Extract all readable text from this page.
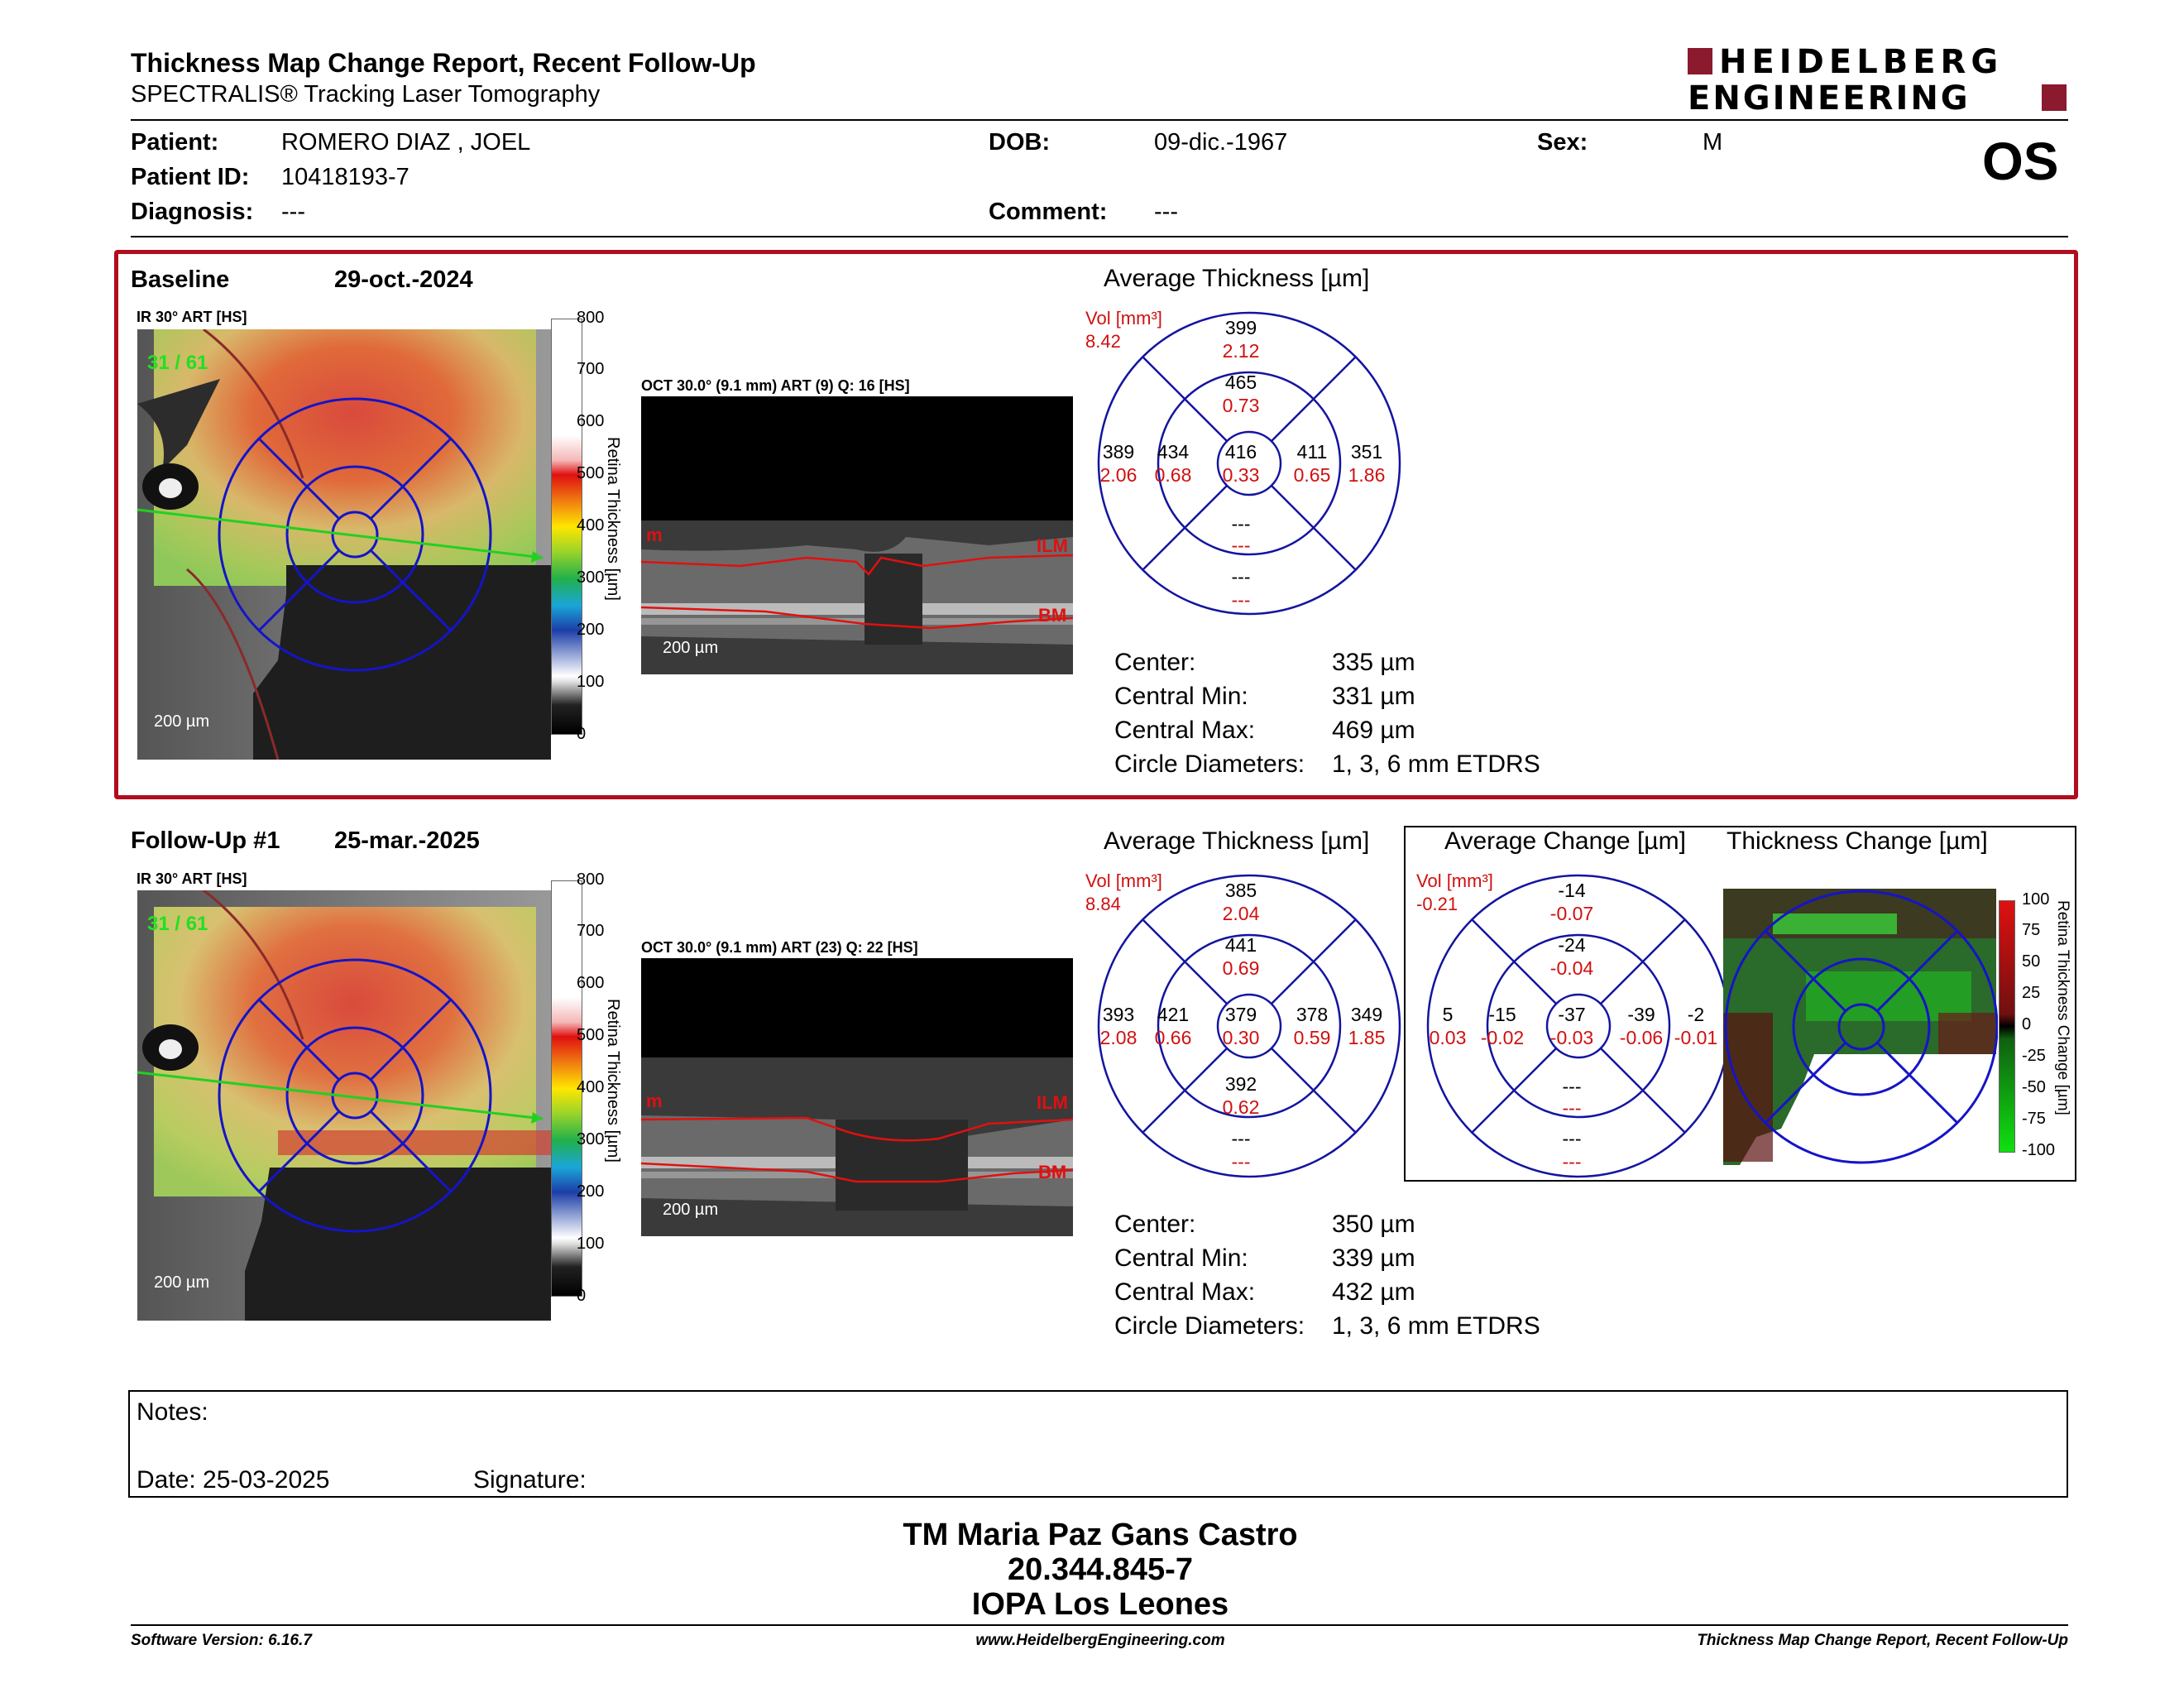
Thickness Map Change Report, Recent Follow-Up
SPECTRALIS® Tracking Laser Tomography
HEIDELBERG
ENGINEERING
Patient:	ROMERO DIAZ , JOEL	DOB:	09-dic.-1967	Sex:	M	OS
Patient ID: 10418193-7
Diagnosis: ---	Comment: ---
Baseline	29-oct.-2024
IR 30° ART [HS]
31 / 61
200 µm
800
700
600
500
400
300
200
100
0
Retina Thickness [µm]
OCT 30.0° (9.1 mm) ART (9) Q: 16 [HS]
m
ILM
BM
200 µm
Average Thickness [µm]
Vol [mm³]
8.42
399
2.12
465
0.73
389
2.06
434
0.68
416
0.33
411
0.65
351
1.86
---
---
---
---
Center:	335 µm
Central Min:	331 µm
Central Max:	469 µm
Circle Diameters: 1, 3, 6 mm ETDRS
Follow-Up #1 25-mar.-2025
IR 30° ART [HS]
31 / 61
200 µm
800
700
600
500
400
300
200
100
0
Retina Thickness [µm]
OCT 30.0° (9.1 mm) ART (23) Q: 22 [HS]
m	ILM
BM
200 µm
Average Thickness [µm]
Vol [mm³]
8.84
385
2.04
441
0.69
393
2.08
421
0.66
379
0.30
378
0.59
349
1.85
392
0.62
---
---
Average Change [µm] Thickness Change [µm]
Vol [mm³]
-0.21
-14
-0.07
-24
-0.04
5
0.03
-15
-0.02
-37
-0.03
-39
-0.06
-2
-0.01
---
---
---
---
100
75
50
25
0
-25
-50
-75
-100
Retina Thickness Change [µm]
Center:	350 µm
Central Min:	339 µm
Central Max:	432 µm
Circle Diameters: 1, 3, 6 mm ETDRS
Notes:
Date: 25-03-2025	Signature:
TM Maria Paz Gans Castro
20.344.845-7
IOPA Los Leones
Software Version: 6.16.7	www.HeidelbergEngineering.com	Thickness Map Change Report, Recent Follow-Up
